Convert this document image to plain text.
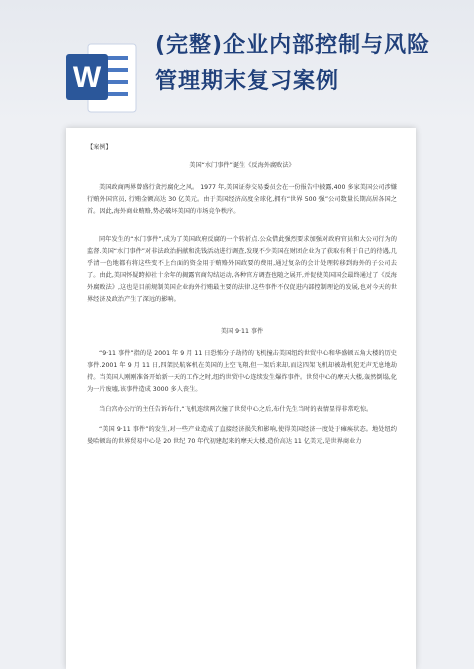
W
(完整)企业内部控制与风险
管理期末复习案例
【案例】
美国“水门事件”诞生《反海外腐败法》
美国政商两界曾盛行贪污腐化之风。 1977 年,美国证券交易委员会在一份报告中披露,400 多家美国公司涉嫌行贿外国官员, 行贿金额高达 30 亿美元。由于美国经济高度全球化,拥有“世界 500 强”公司数量长期高居各国之首。因此,海外商业贿赂,势必破坏美国的市场竞争秩序。
同年发生的“水门事件”,成为了美国政府反腐的一个转折点.公众借此强烈要求加强对政府官员和大公司行为的监督.美国“水门事件”对非法政治捐献和洗钱活动进行调查,发现不少美国在财团企业为了获取有利于自己的待遇,几乎清一色地都有将这些变不上台面的资金用于贿赂外国政要的费用,通过复杂的会计处理转移到海外的子公司去了。由此,美国怀疑跨掉社十余年的揭露官商勾结运动,各种官方调查也随之展开,并促使美国国会最终通过了《反海外腐败法》,这也是目前规制美国企业海外行贿最主要的法律.这些事件不仅促进内部控制理论的发展,也对今天的世界经济及政治产生了深远的影响。
美国 9·11 事件
“9·11 事件”指的是 2001 年 9 月 11 日恐怖分子劫持的飞机撞击美国纽约世贸中心和华盛顿五角大楼的历史事件.2001 年 9 月 11 日,四架民航客机在美国的上空飞翔,但一架后来却,而这四架飞机却被劫机犯无声无息地劫持。当美国人刚刚准备开始新一天的工作之时,纽约世贸中心连续发生爆炸事件。世贸中心的摩天大楼,轰然倒塌,化为一片废墟,该事件造成 3000 多人丧生。
当白宫办公厅的主任告诉布什,“飞机连续两次撞了世贸中心之后,布什先生当时的表情显得非常吃惊。
“美国 9·11 事件”的发生,对一些产业造成了直接经济损失和影响,使得美国经济一度处于瘫痪状态。地处纽约曼哈顿岛的世界贸易中心是 20 世纪 70 年代初建起来的摩天大楼,造价高达 11 亿美元,是世界商业力
